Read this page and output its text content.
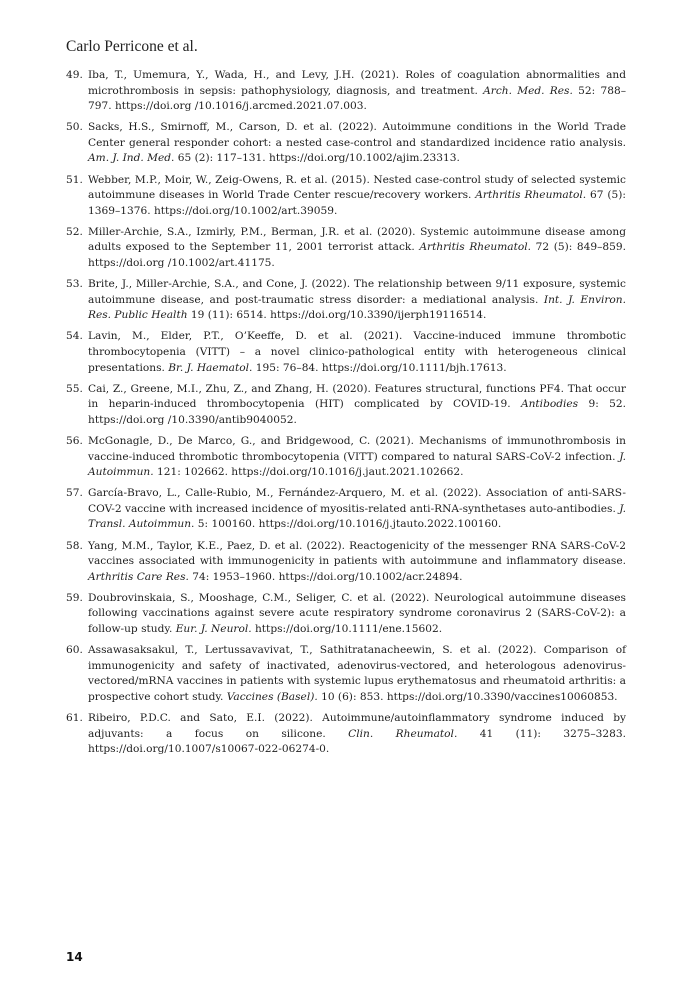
Carlo Perricone et al.
49. Iba, T., Umemura, Y., Wada, H., and Levy, J.H. (2021). Roles of coagulation abnormalities and microthrombosis in sepsis: pathophysiology, diagnosis, and treatment. Arch. Med. Res. 52: 788–797. https://doi.org /10.1016/j.arcmed.2021.07.003.
50. Sacks, H.S., Smirnoff, M., Carson, D. et al. (2022). Autoimmune conditions in the World Trade Center general responder cohort: a nested case-control and standardized incidence ratio analysis. Am. J. Ind. Med. 65 (2): 117–131. https://doi.org/10.1002/ajim.23313.
51. Webber, M.P., Moir, W., Zeig-Owens, R. et al. (2015). Nested case-control study of selected systemic autoimmune diseases in World Trade Center rescue/recovery workers. Arthritis Rheumatol. 67 (5): 1369–1376. https://doi.org/10.1002/art.39059.
52. Miller-Archie, S.A., Izmirly, P.M., Berman, J.R. et al. (2020). Systemic autoimmune disease among adults exposed to the September 11, 2001 terrorist attack. Arthritis Rheumatol. 72 (5): 849–859. https://doi.org /10.1002/art.41175.
53. Brite, J., Miller-Archie, S.A., and Cone, J. (2022). The relationship between 9/11 exposure, systemic autoimmune disease, and post-traumatic stress disorder: a mediational analysis. Int. J. Environ. Res. Public Health 19 (11): 6514. https://doi.org/10.3390/ijerph19116514.
54. Lavin, M., Elder, P.T., O’Keeffe, D. et al. (2021). Vaccine-induced immune thrombotic thrombocytopenia (VITT) – a novel clinico-pathological entity with heterogeneous clinical presentations. Br. J. Haematol. 195: 76–84. https://doi.org/10.1111/bjh.17613.
55. Cai, Z., Greene, M.I., Zhu, Z., and Zhang, H. (2020). Features structural, functions PF4. That occur in heparin-induced thrombocytopenia (HIT) complicated by COVID-19. Antibodies 9: 52. https://doi.org /10.3390/antib9040052.
56. McGonagle, D., De Marco, G., and Bridgewood, C. (2021). Mechanisms of immunothrombosis in vaccine-induced thrombotic thrombocytopenia (VITT) compared to natural SARS-CoV-2 infection. J. Autoimmun. 121: 102662. https://doi.org/10.1016/j.jaut.2021.102662.
57. García-Bravo, L., Calle-Rubio, M., Fernández-Arquero, M. et al. (2022). Association of anti-SARS-COV-2 vaccine with increased incidence of myositis-related anti-RNA-synthetases auto-antibodies. J. Transl. Autoimmun. 5: 100160. https://doi.org/10.1016/j.jtauto.2022.100160.
58. Yang, M.M., Taylor, K.E., Paez, D. et al. (2022). Reactogenicity of the messenger RNA SARS-CoV-2 vaccines associated with immunogenicity in patients with autoimmune and inflammatory disease. Arthritis Care Res. 74: 1953–1960. https://doi.org/10.1002/acr.24894.
59. Doubrovinskaia, S., Mooshage, C.M., Seliger, C. et al. (2022). Neurological autoimmune diseases following vaccinations against severe acute respiratory syndrome coronavirus 2 (SARS-CoV-2): a follow-up study. Eur. J. Neurol. https://doi.org/10.1111/ene.15602.
60. Assawasaksakul, T., Lertussavavivat, T., Sathitratanacheewin, S. et al. (2022). Comparison of immunogenicity and safety of inactivated, adenovirus-vectored, and heterologous adenovirus-vectored/mRNA vaccines in patients with systemic lupus erythematosus and rheumatoid arthritis: a prospective cohort study. Vaccines (Basel). 10 (6): 853. https://doi.org/10.3390/vaccines10060853.
61. Ribeiro, P.D.C. and Sato, E.I. (2022). Autoimmune/autoinflammatory syndrome induced by adjuvants: a focus on silicone. Clin. Rheumatol. 41 (11): 3275–3283. https://doi.org/10.1007/s10067-022-06274-0.
14
